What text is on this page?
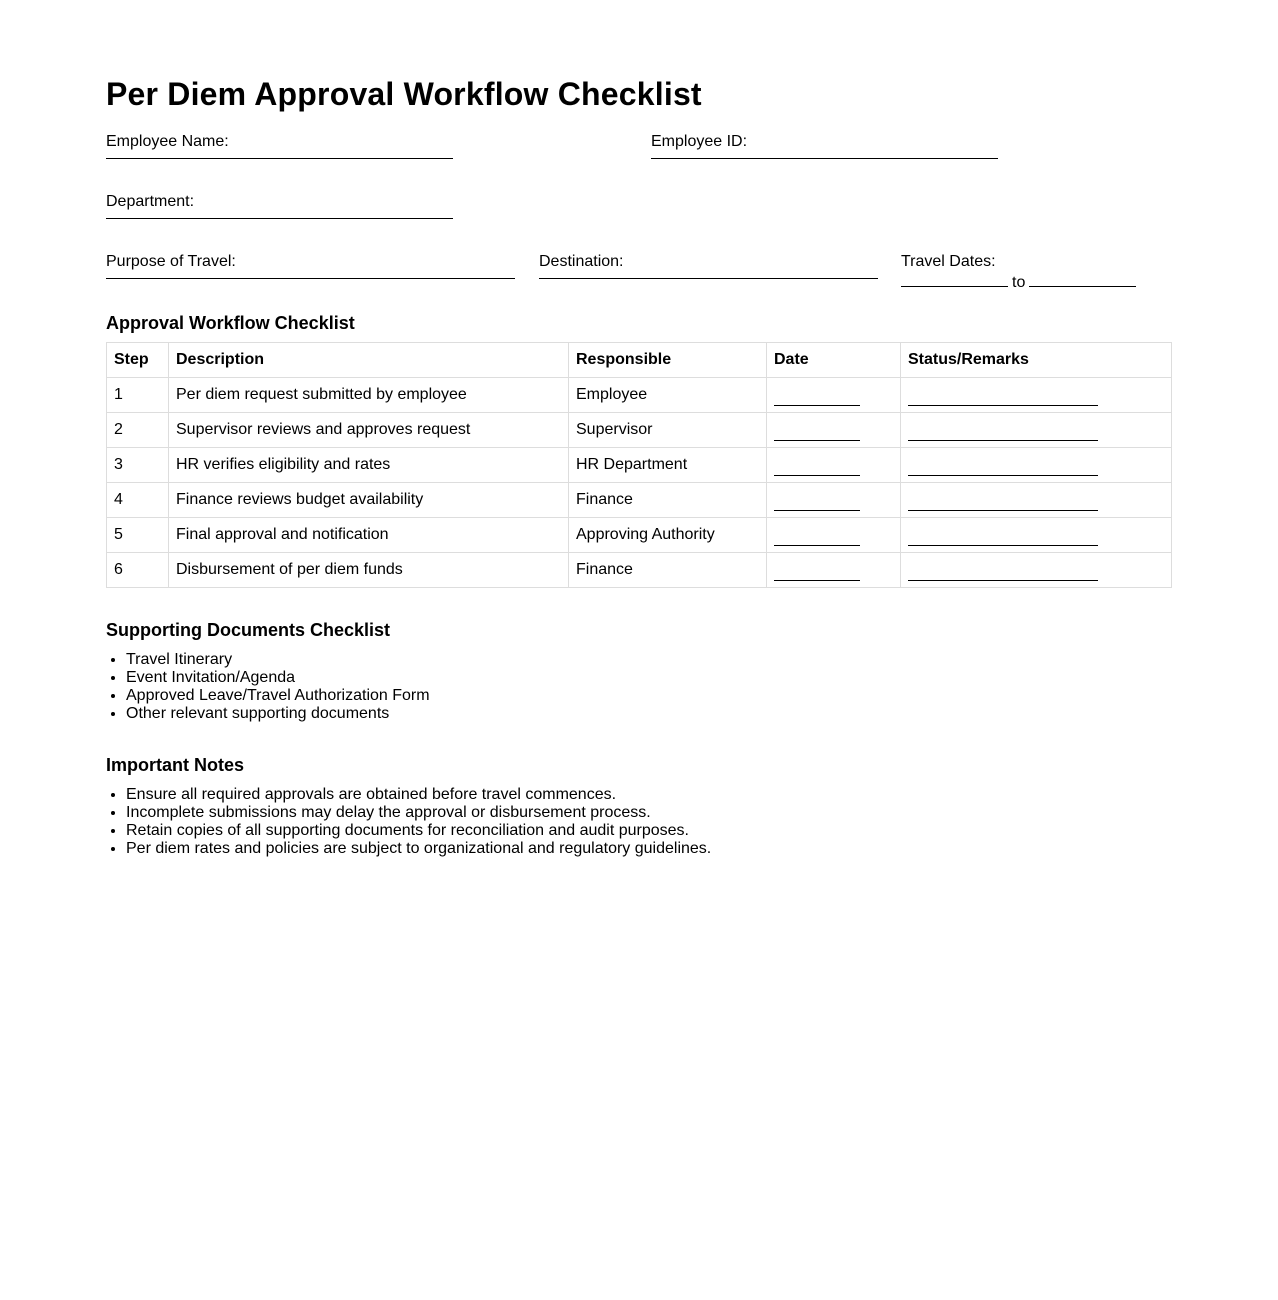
Per Diem Approval Workflow Checklist
Employee Name:	Employee ID:
Department:
Purpose of Travel:	Destination:	Travel Dates:
to
Approval Workflow Checklist
Step	Description	Responsible	Date	Status/Remarks
1	Per diem request submitted by employee	Employee		
2	Supervisor reviews and approves request	Supervisor		
3	HR verifies eligibility and rates	HR Department		
4	Finance reviews budget availability	Finance		
5	Final approval and notification	Approving Authority		
6	Disbursement of per diem funds	Finance		
Supporting Documents Checklist
• Travel Itinerary
• Event Invitation/Agenda
• Approved Leave/Travel Authorization Form
• Other relevant supporting documents
Important Notes
• Ensure all required approvals are obtained before travel commences.
• Incomplete submissions may delay the approval or disbursement process.
• Retain copies of all supporting documents for reconciliation and audit purposes.
• Per diem rates and policies are subject to organizational and regulatory guidelines.
